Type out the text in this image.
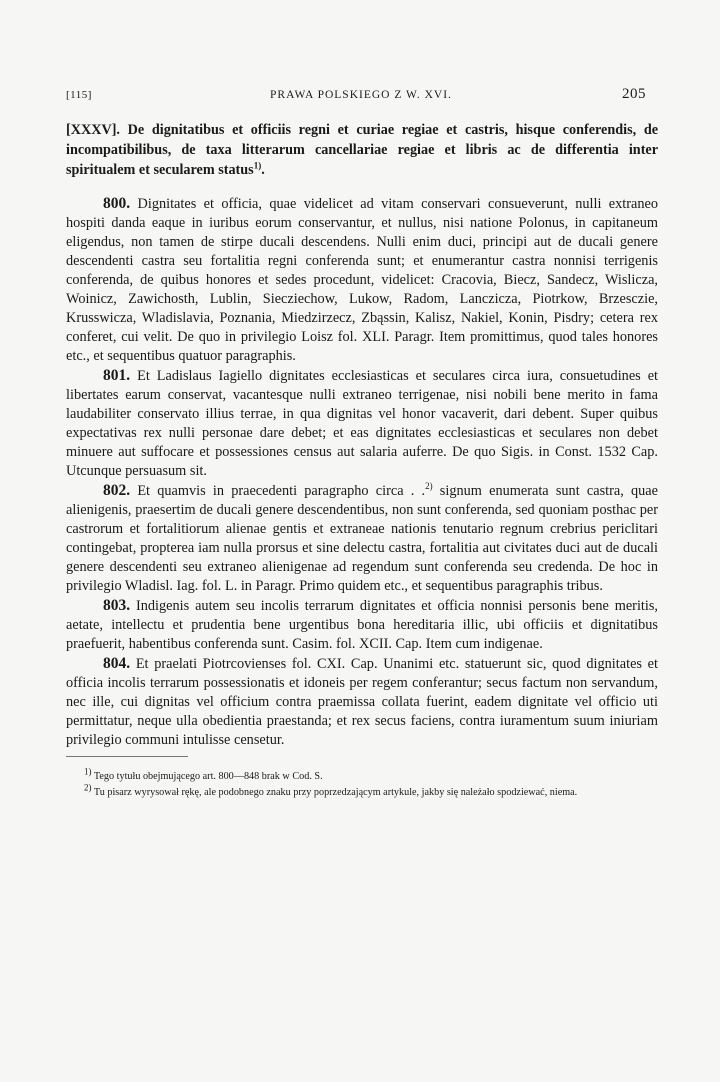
[115]	PRAWA POLSKIEGO Z W. XVI.	205
[XXXV]. De dignitatibus et officiis regni et curiae regiae et castris, hisque conferendis, de incompatibilibus, de taxa litterarum cancellariae regiae et libris ac de differentia inter spiritualem et secularem status$^{1)}$.

800. Dignitates et officia, quae videlicet ad vitam conservari consueverunt, nulli extraneo hospiti danda eaque in iuribus eorum conservantur, et nullus, nisi natione Polonus, in capitaneum eligendus, non tamen de stirpe ducali descendens. Nulli enim duci, principi aut de ducali genere descendenti castra seu fortalitia regni conferenda sunt; et enumerantur castra nonnisi terrigenis conferenda, de quibus honores et sedes procedunt, videlicet: Cracovia, Biecz, Sandecz, Wislicza, Woinicz, Zawichosth, Lublin, Siecziechow, Lukow, Radom, Lanczicza, Piotrkow, Brzesczie, Krusswicza, Wladislavia, Poznania, Miedzirzecz, Zbąssin, Kalisz, Nakiel, Konin, Pisdry; cetera rex conferet, cui velit. De quo in privilegio Loisz fol. XLI. Paragr. Item promittimus, quod tales honores etc., et sequentibus quatuor paragraphis.

801. Et Ladislaus Iagiello dignitates ecclesiasticas et seculares circa iura, consuetudines et libertates earum conservat, vacantesque nulli extraneo terrigenae, nisi nobili bene merito in fama laudabiliter conservato illius terrae, in qua dignitas vel honor vacaverit, dari debent. Super quibus expectativas rex nulli personae dare debet; et eas dignitates ecclesiasticas et seculares non debet minuere aut suffocare et possessiones census aut salaria auferre. De quo Sigis. in Const. 1532 Cap. Utcunque persuasum sit.

802. Et quamvis in praecedenti paragrapho circa . .$^{2)}$ signum enumerata sunt castra, quae alienigenis, praesertim de ducali genere descendentibus, non sunt conferenda, sed quoniam posthac per castrorum et fortalitiorum alienae gentis et extraneae nationis tenutario regnum crebrius periclitari contingebat, propterea iam nulla prorsus et sine delectu castra, fortalitia aut civitates duci aut de ducali genere descendenti seu extraneo alienigenae ad regendum sunt conferenda seu credenda. De hoc in privilegio Wladisl. Iag. fol. L. in Paragr. Primo quidem etc., et sequentibus paragraphis tribus.

803. Indigenis autem seu incolis terrarum dignitates et officia nonnisi personis bene meritis, aetate, intellectu et prudentia bene urgentibus bona hereditaria illic, ubi officiis et dignitatibus praefuerit, habentibus conferenda sunt. Casim. fol. XCII. Cap. Item cum indigenae.

804. Et praelati Piotrcovienses fol. CXI. Cap. Unanimi etc. statuerunt sic, quod dignitates et officia incolis terrarum possessionatis et idoneis per regem conferantur; secus factum non servandum, nec ille, cui dignitas vel officium contra praemissa collata fuerint, eadem dignitate vel officio uti permittatur, neque ulla obedientia praestanda; et rex secus faciens, contra iuramentum suum iniuriam privilegio communi intulisse censetur.

$^{1)}$ Tego tytułu obejmującego art. 800—848 brak w Cod. S.

$^{2)}$ Tu pisarz wyrysował rękę, ale podobnego znaku przy poprzedzającym artykule, jakby się należało spodziewać, niema.
